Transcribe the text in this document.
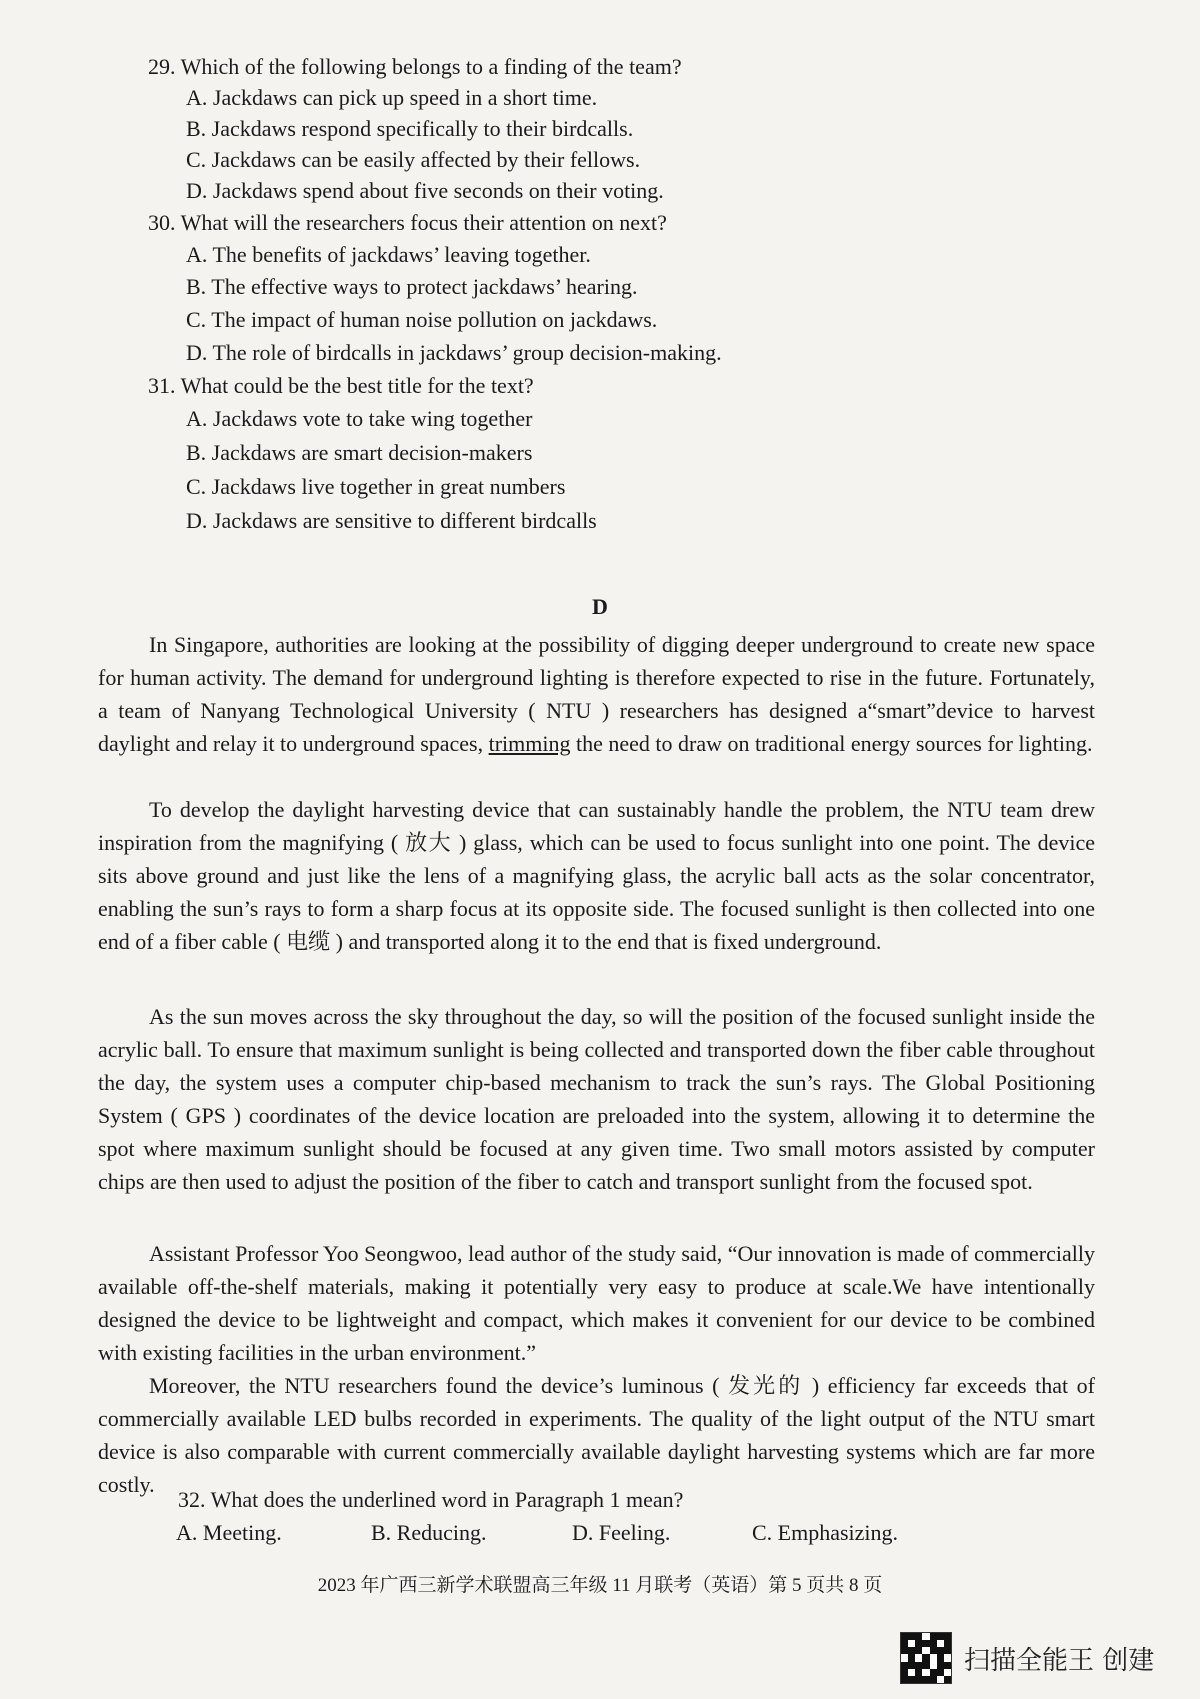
29. Which of the following belongs to a finding of the team?

A. Jackdaws can pick up speed in a short time.

B. Jackdaws respond specifically to their birdcalls.

C. Jackdaws can be easily affected by their fellows.

D. Jackdaws spend about five seconds on their voting.

30. What will the researchers focus their attention on next?

A. The benefits of jackdaws’ leaving together.

B. The effective ways to protect jackdaws’ hearing.

C. The impact of human noise pollution on jackdaws.

D. The role of birdcalls in jackdaws’ group decision-making.

31. What could be the best title for the text?

A. Jackdaws vote to take wing together

B. Jackdaws are smart decision-makers

C. Jackdaws live together in great numbers

D. Jackdaws are sensitive to different birdcalls

D

In Singapore, authorities are looking at the possibility of digging deeper underground to create new space for human activity. The demand for underground lighting is therefore expected to rise in the future. Fortunately, a team of Nanyang Technological University ( NTU ) researchers has designed a“smart”device to harvest daylight and relay it to underground spaces, trimming the need to draw on traditional energy sources for lighting.

To develop the daylight harvesting device that can sustainably handle the problem, the NTU team drew inspiration from the magnifying ( 放大 ) glass, which can be used to focus sunlight into one point. The device sits above ground and just like the lens of a magnifying glass, the acrylic ball acts as the solar concentrator, enabling the sun’s rays to form a sharp focus at its opposite side. The focused sunlight is then collected into one end of a fiber cable ( 电缆 ) and transported along it to the end that is fixed underground.

As the sun moves across the sky throughout the day, so will the position of the focused sunlight inside the acrylic ball. To ensure that maximum sunlight is being collected and transported down the fiber cable throughout the day, the system uses a computer chip-based mechanism to track the sun’s rays. The Global Positioning System ( GPS ) coordinates of the device location are preloaded into the system, allowing it to determine the spot where maximum sunlight should be focused at any given time. Two small motors assisted by computer chips are then used to adjust the position of the fiber to catch and transport sunlight from the focused spot.

Assistant Professor Yoo Seongwoo, lead author of the study said, “Our innovation is made of commercially available off-the-shelf materials, making it potentially very easy to produce at scale.We have intentionally designed the device to be lightweight and compact, which makes it convenient for our device to be combined with existing facilities in the urban environment.”

Moreover, the NTU researchers found the device’s luminous ( 发光的 ) efficiency far exceeds that of commercially available LED bulbs recorded in experiments. The quality of the light output of the NTU smart device is also comparable with current commercially available daylight harvesting systems which are far more costly.

32. What does the underlined word in Paragraph 1 mean?

A. Meeting.	B. Reducing.	D. Feeling.	C. Emphasizing.
2023 年广西三新学术联盟高三年级 11 月联考（英语）第 5 页共 8 页
扫描全能王 创建
